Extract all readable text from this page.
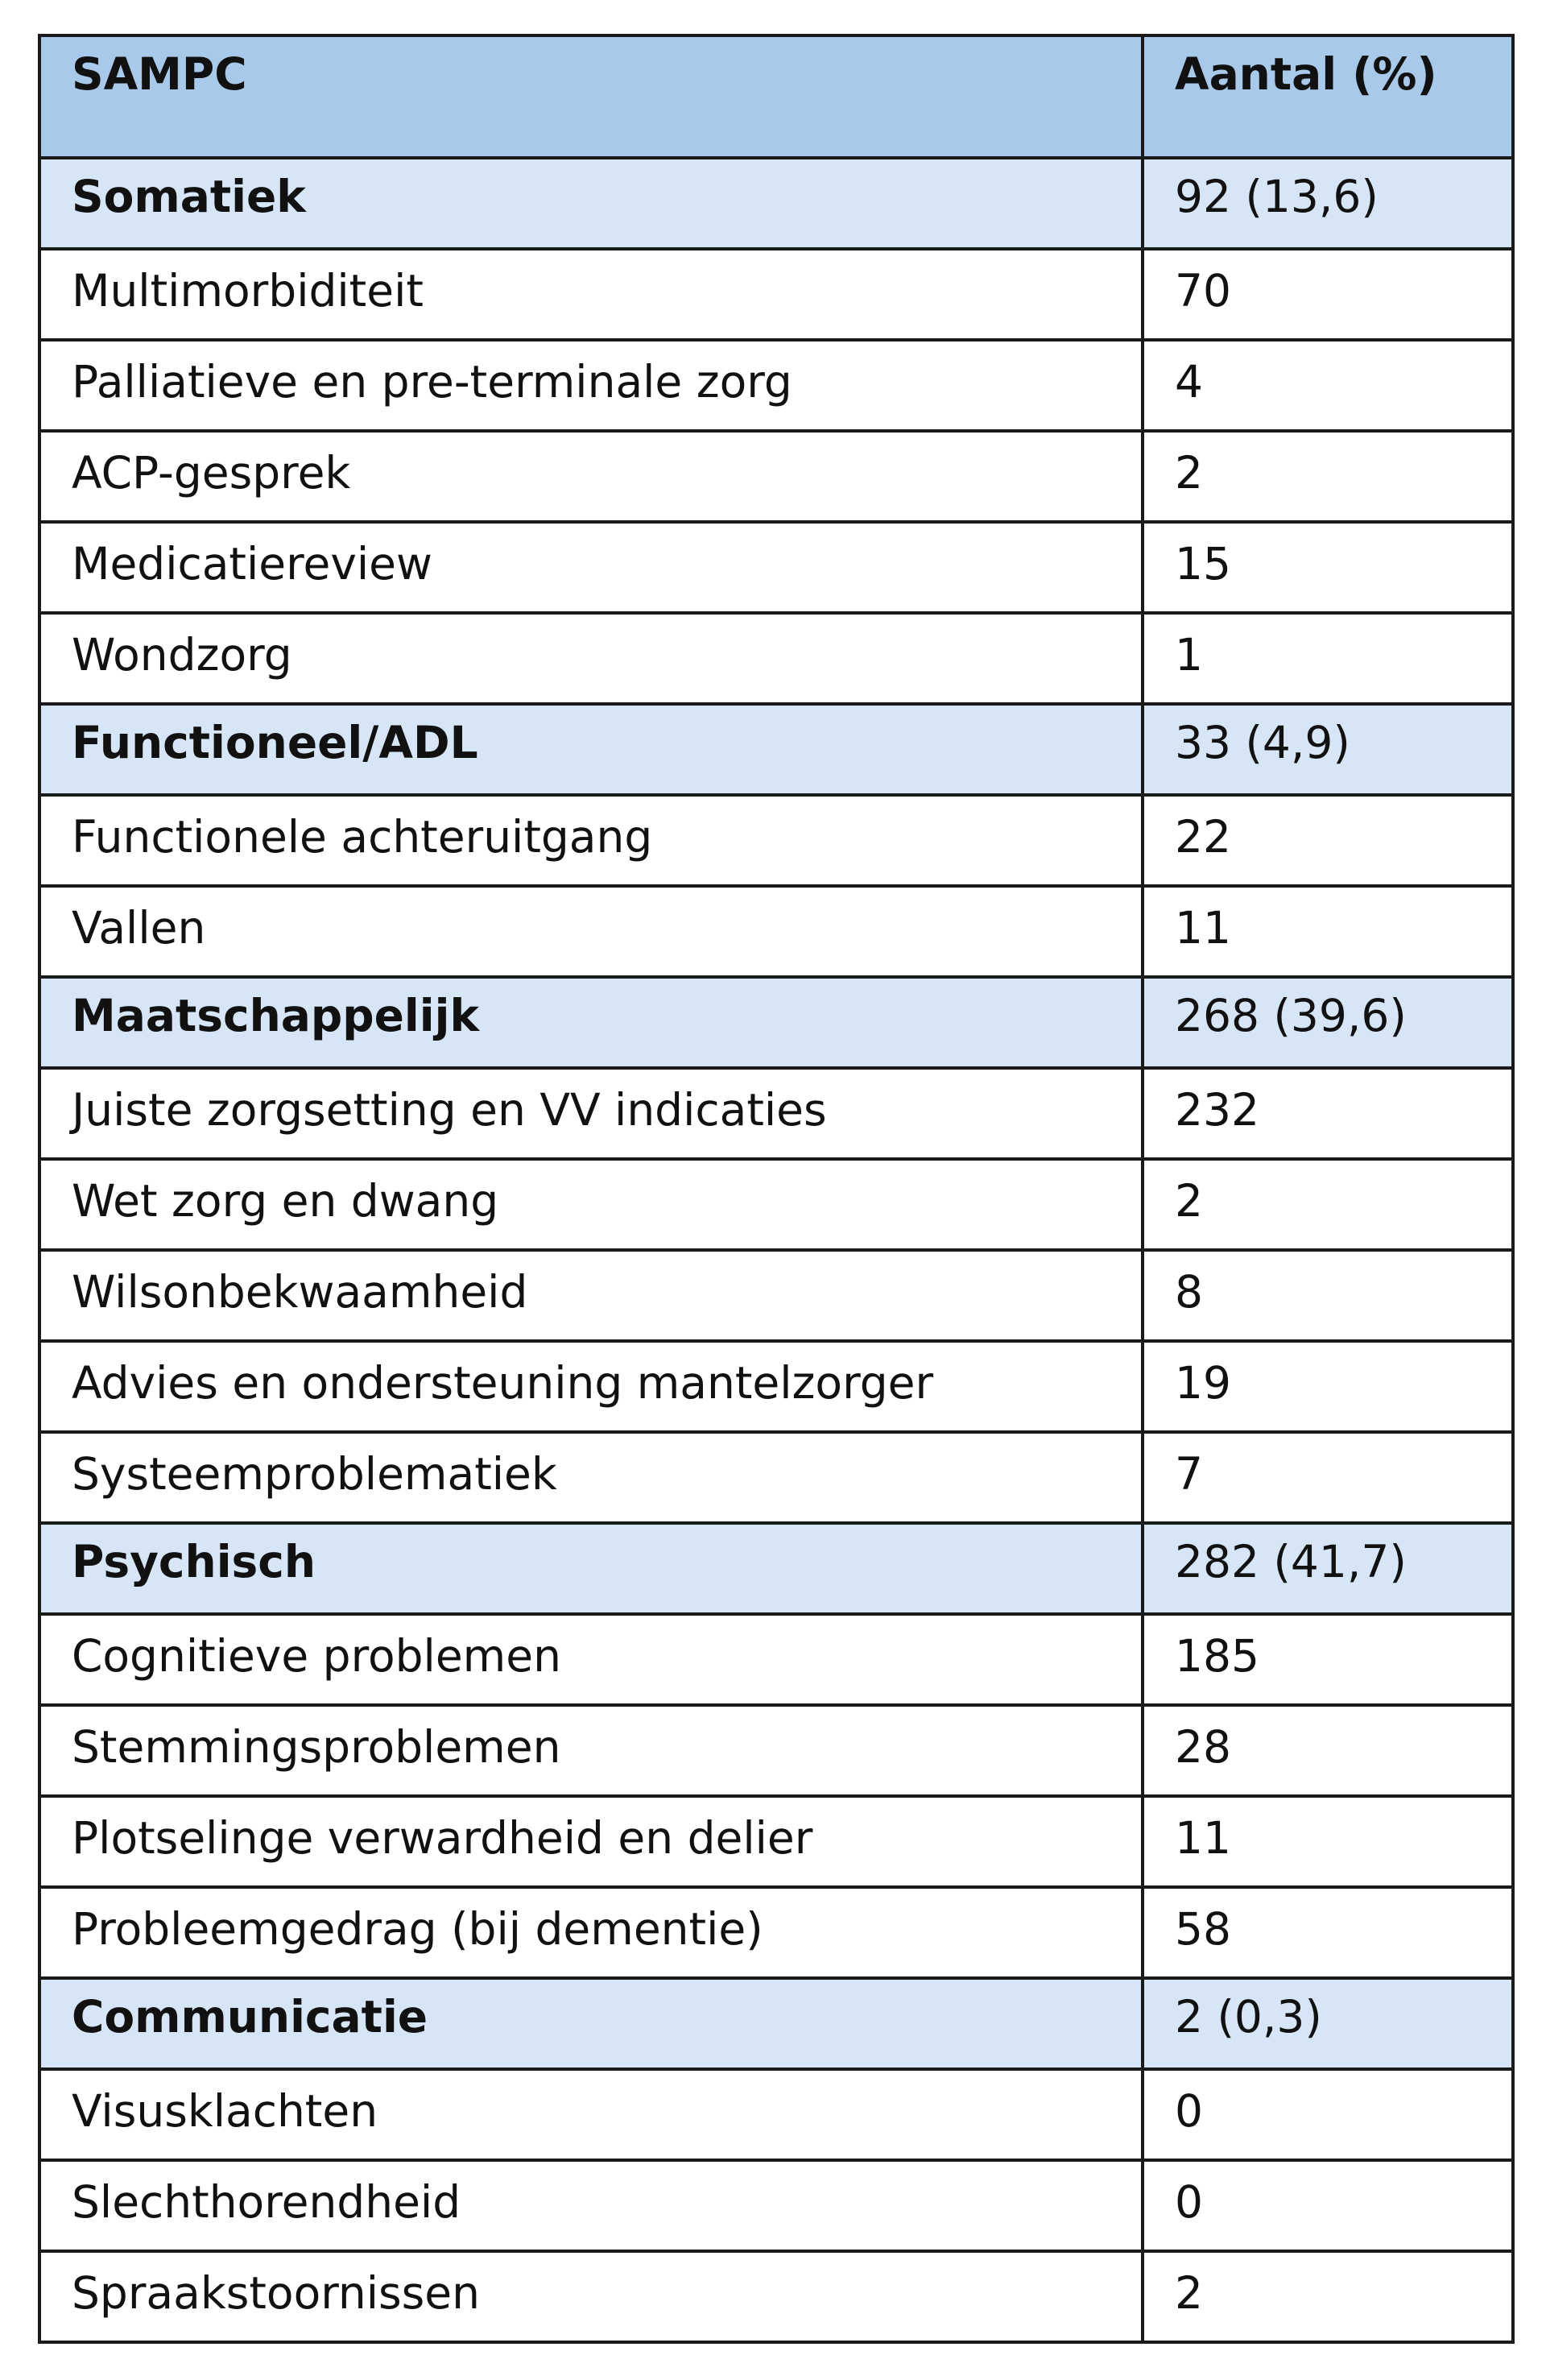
SAMPC	Aantal (%)
Somatiek	92 (13,6)
Multimorbiditeit	70
Palliatieve en pre-terminale zorg	4
ACP-gesprek	2
Medicatiereview	15
Wondzorg	1
Functioneel/ADL	33 (4,9)
Functionele achteruitgang	22
Vallen	11
Maatschappelijk	268 (39,6)
Juiste zorgsetting en VV indicaties	232
Wet zorg en dwang	2
Wilsonbekwaamheid	8
Advies en ondersteuning mantelzorger	19
Systeemproblematiek	7
Psychisch	282 (41,7)
Cognitieve problemen	185
Stemmingsproblemen	28
Plotselinge verwardheid en delier	11
Probleemgedrag (bij dementie)	58
Communicatie	2 (0,3)
Visusklachten	0
Slechthorendheid	0
Spraakstoornissen	2
